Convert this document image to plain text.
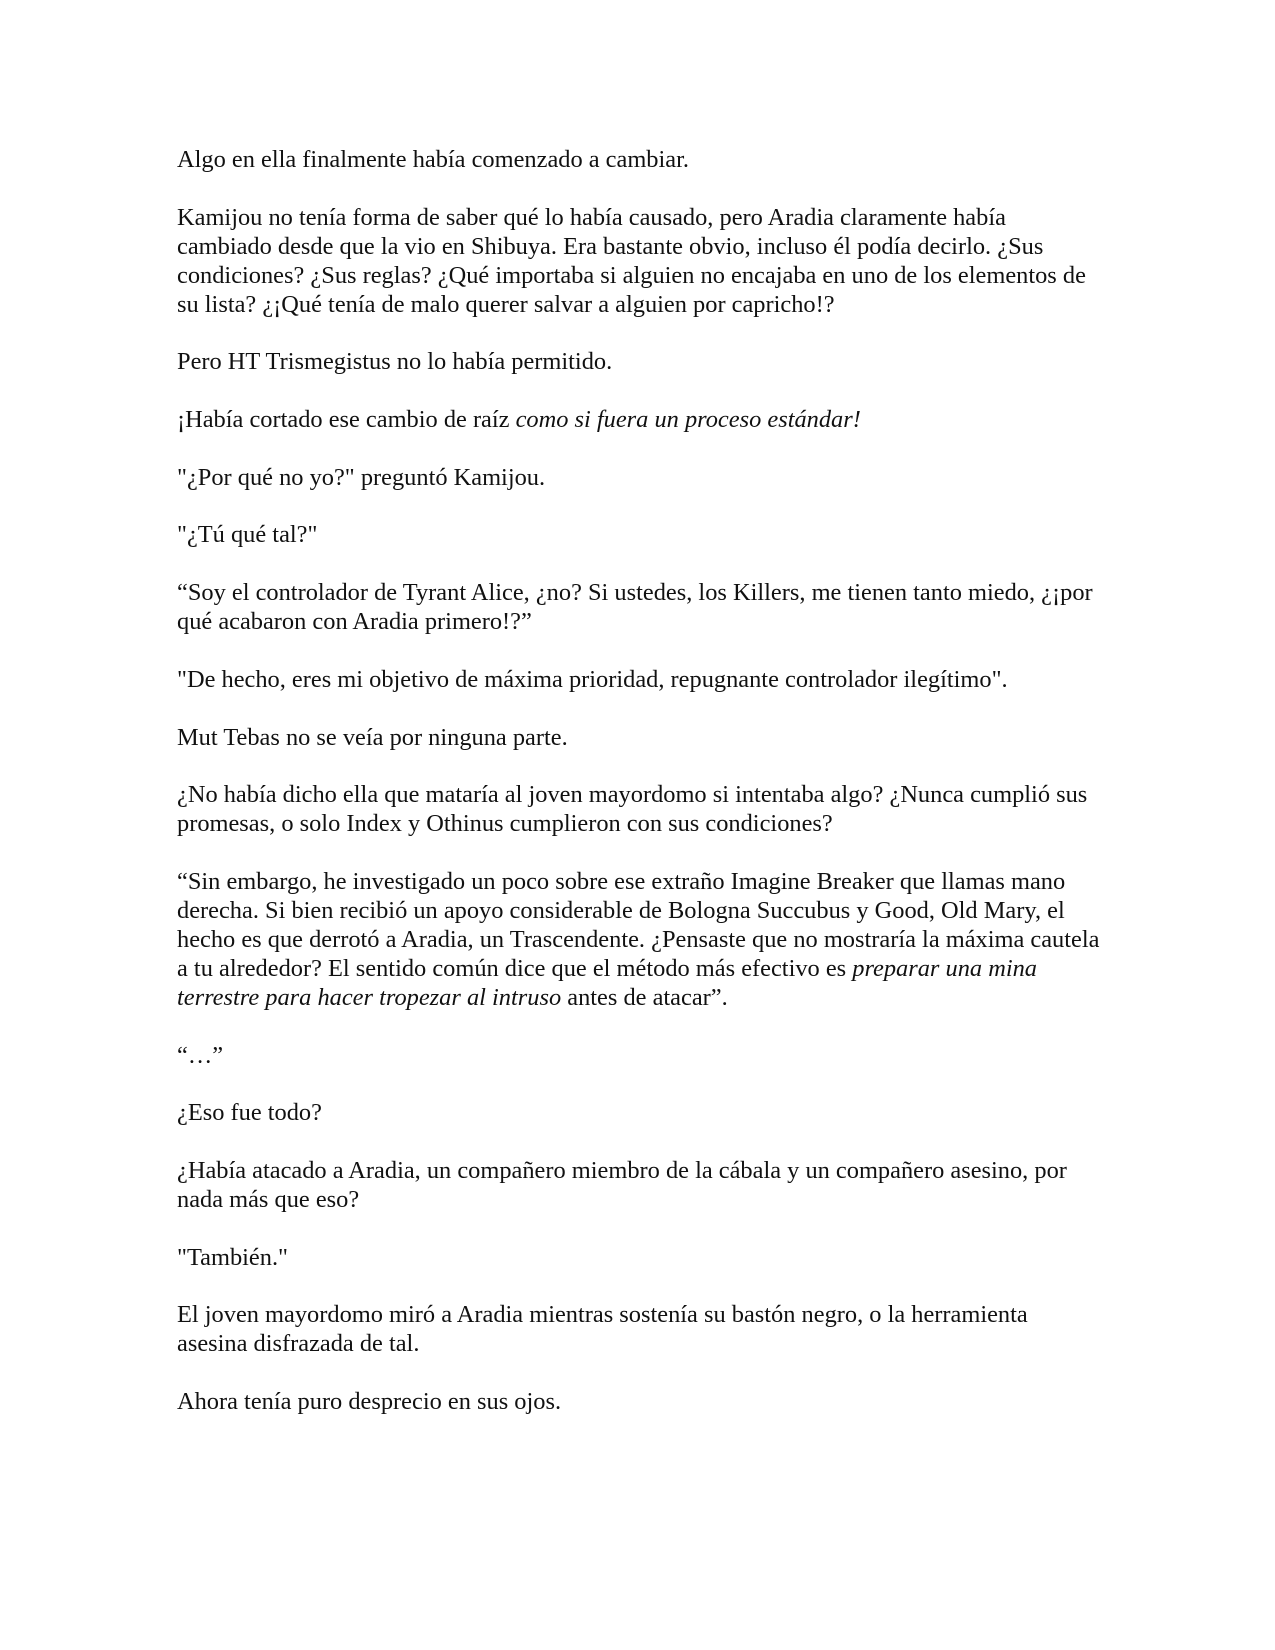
Algo en ella finalmente había comenzado a cambiar.

Kamijou no tenía forma de saber qué lo había causado, pero Aradia claramente había cambiado desde que la vio en Shibuya. Era bastante obvio, incluso él podía decirlo. ¿Sus condiciones? ¿Sus reglas? ¿Qué importaba si alguien no encajaba en uno de los elementos de su lista? ¿¡Qué tenía de malo querer salvar a alguien por capricho!?

Pero HT Trismegistus no lo había permitido.

¡Había cortado ese cambio de raíz como si fuera un proceso estándar!

"¿Por qué no yo?" preguntó Kamijou.

"¿Tú qué tal?"

“Soy el controlador de Tyrant Alice, ¿no? Si ustedes, los Killers, me tienen tanto miedo, ¿¡por qué acabaron con Aradia primero!?”

"De hecho, eres mi objetivo de máxima prioridad, repugnante controlador ilegítimo".

Mut Tebas no se veía por ninguna parte.

¿No había dicho ella que mataría al joven mayordomo si intentaba algo? ¿Nunca cumplió sus promesas, o solo Index y Othinus cumplieron con sus condiciones?

“Sin embargo, he investigado un poco sobre ese extraño Imagine Breaker que llamas mano derecha. Si bien recibió un apoyo considerable de Bologna Succubus y Good, Old Mary, el hecho es que derrotó a Aradia, un Trascendente. ¿Pensaste que no mostraría la máxima cautela a tu alrededor? El sentido común dice que el método más efectivo es preparar una mina terrestre para hacer tropezar al intruso antes de atacar”.

“…”

¿Eso fue todo?

¿Había atacado a Aradia, un compañero miembro de la cábala y un compañero asesino, por nada más que eso?

"También."

El joven mayordomo miró a Aradia mientras sostenía su bastón negro, o la herramienta asesina disfrazada de tal.

Ahora tenía puro desprecio en sus ojos.
